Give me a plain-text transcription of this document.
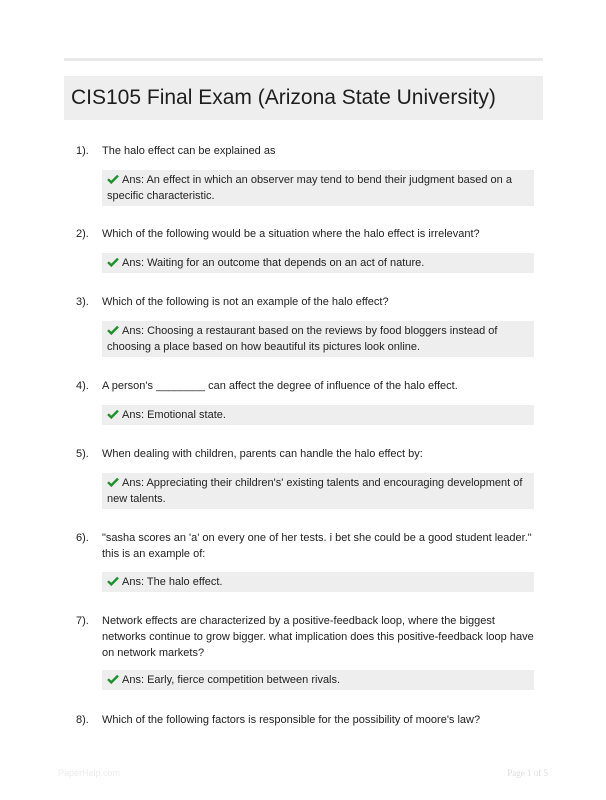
CIS105 Final Exam (Arizona State University)
1). The halo effect can be explained as
Ans: An effect in which an observer may tend to bend their judgment based on a specific characteristic.
2). Which of the following would be a situation where the halo effect is irrelevant?
Ans: Waiting for an outcome that depends on an act of nature.
3). Which of the following is not an example of the halo effect?
Ans: Choosing a restaurant based on the reviews by food bloggers instead of choosing a place based on how beautiful its pictures look online.
4). A person's ________ can affect the degree of influence of the halo effect.
Ans: Emotional state.
5). When dealing with children, parents can handle the halo effect by:
Ans: Appreciating their children's' existing talents and encouraging development of new talents.
6). "sasha scores an 'a' on every one of her tests. i bet she could be a good student leader." this is an example of:
Ans: The halo effect.
7). Network effects are characterized by a positive-feedback loop, where the biggest networks continue to grow bigger. what implication does this positive-feedback loop have on network markets?
Ans: Early, fierce competition between rivals.
8). Which of the following factors is responsible for the possibility of moore's law?
PaperHelp.com	Page 1 of 5
